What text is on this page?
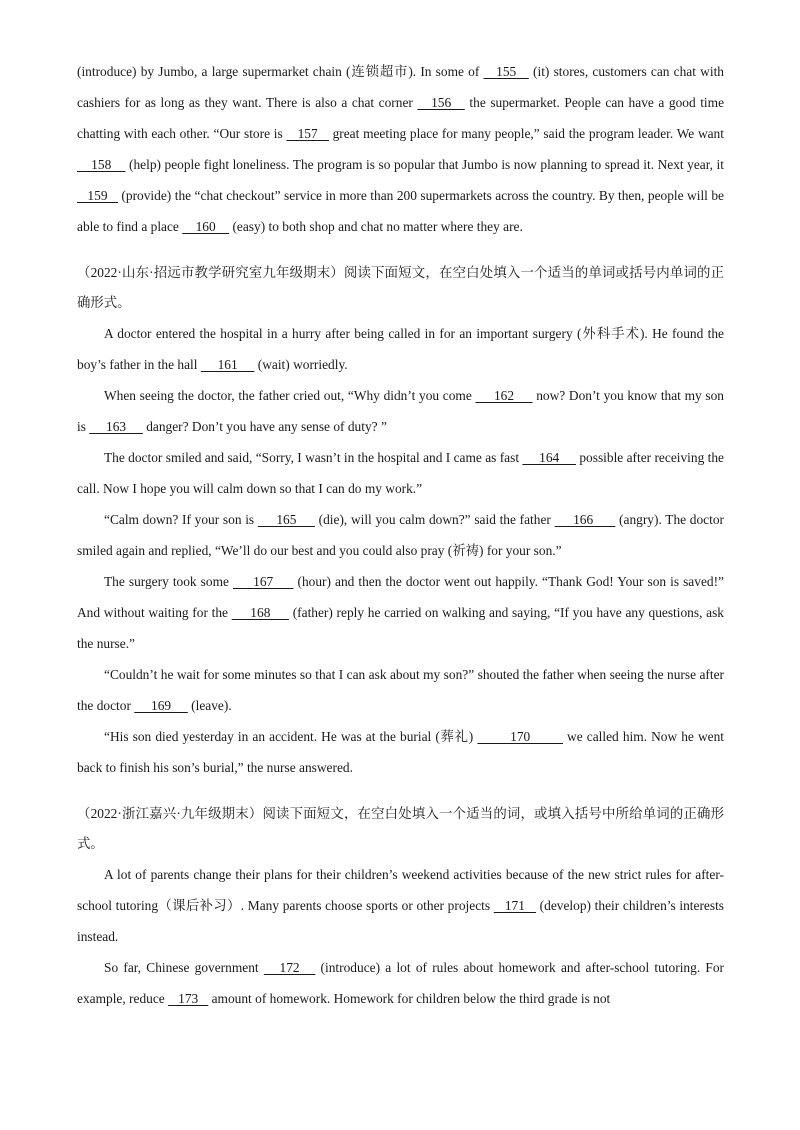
(introduce) by Jumbo, a large supermarket chain (连锁超市). In some of    155    (it) stores, customers can chat with cashiers for as long as they want. There is also a chat corner    156    the supermarket. People can have a good time chatting with each other. “Our store is    157    great meeting place for many people,” said the program leader. We want     158     (help) people fight loneliness. The program is so popular that Jumbo is now planning to spread it. Next year, it    159    (provide) the “chat checkout” service in more than 200 supermarkets across the country. By then, people will be able to find a place     160     (easy) to both shop and chat no matter where they are.

（2022·山东·招远市教学研究室九年级期末）阅读下面短文，在空白处填入一个适当的单词或括号内单词的正确形式。

A doctor entered the hospital in a hurry after being called in for an important surgery (外科手术). He found the boy’s father in the hall      161      (wait) worriedly.

When seeing the doctor, the father cried out, “Why didn’t you come      162      now? Don’t you know that my son is      163      danger? Don’t you have any sense of duty? ”

The doctor smiled and said, “Sorry, I wasn’t in the hospital and I came as fast      164      possible after receiving the call. Now I hope you will calm down so that I can do my work.”

“Calm down? If your son is      165      (die), will you calm down?” said the father      166       (angry). The doctor smiled again and replied, “We’ll do our best and you could also pray (祈祷) for your son.”

The surgery took some      167      (hour) and then the doctor went out happily. “Thank God! Your son is saved!” And without waiting for the      168      (father) reply he carried on walking and saying, “If you have any questions, ask the nurse.”

“Couldn’t he wait for some minutes so that I can ask about my son?” shouted the father when seeing the nurse after the doctor      169      (leave).

“His son died yesterday in an accident. He was at the burial (葬礼)         170         we called him. Now he went back to finish his son’s burial,” the nurse answered.

（2022·浙江嘉兴·九年级期末）阅读下面短文，在空白处填入一个适当的词，或填入括号中所给单词的正确形式。

A lot of parents change their plans for their children’s weekend activities because of the new strict rules for after-school tutoring（课后补习）. Many parents choose sports or other projects    171    (develop) their children’s interests instead.

So far, Chinese government    172    (introduce) a lot of rules about homework and after-school tutoring. For example, reduce    173    amount of homework. Homework for children below the third grade is not
